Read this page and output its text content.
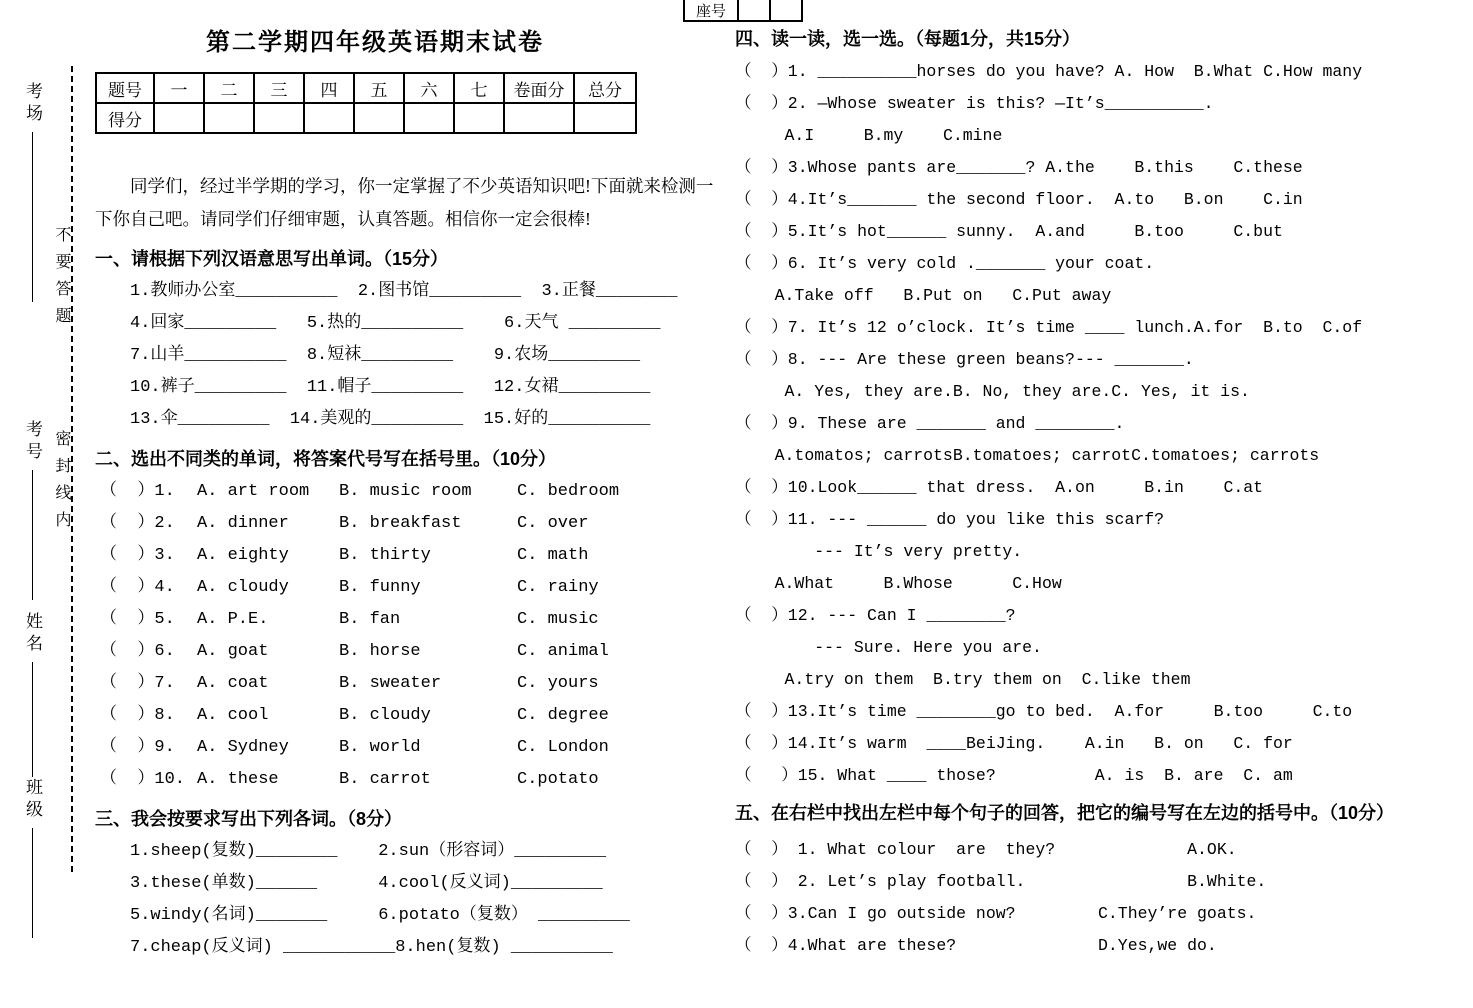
考场
考号
姓名
班级
不要答题
密封线内
座号
第二学期四年级英语期末试卷
题号	一	二	三	四	五	六	七	卷面分	总分
得分									

同学们，经过半学期的学习，你一定掌握了不少英语知识吧!下面就来检测一下你自己吧。请同学们仔细审题，认真答题。相信你一定会很棒!

一、请根据下列汉语意思写出单词。（15分）
1.教师办公室__________  2.图书馆_________  3.正餐________
4.回家_________   5.热的__________    6.天气 _________
7.山羊__________  8.短袜_________    9.农场_________
10.裤子_________  11.帽子_________   12.女裙_________
13.伞_________  14.美观的_________  15.好的__________
二、选出不同类的单词，将答案代号写在括号里。（10分）
（  ）1.	A. art room	B. music room	C. bedroom
（  ）2.	A. dinner	B. breakfast	C. over
（  ）3.	A. eighty	B. thirty	C. math
（  ）4.	A. cloudy	B. funny	C. rainy
（  ）5.	A. P.E.	B. fan	C. music
（  ）6.	A. goat	B. horse	C. animal
（  ）7.	A. coat	B. sweater	C. yours
（  ）8.	A. cool	B. cloudy	C. degree
（  ）9.	A. Sydney	B. world	C. London
（  ）10. A. these	B. carrot	C.potato
三、我会按要求写出下列各词。（8分）
1.sheep(复数)________    2.sun（形容词）_________
3.these(单数)______      4.cool(反义词)_________
5.windy(名词)_______     6.potato（复数） _________
7.cheap(反义词) ___________8.hen(复数) __________
四、读一读，选一选。（每题1分，共15分）
（  ）1. __________horses do you have? A. How  B.What C.How many
（  ）2. —Whose sweater is this? —It’s__________.
A.I     B.my    C.mine
（  ）3.Whose pants are_______? A.the    B.this    C.these
（  ）4.It’s_______ the second floor.  A.to   B.on    C.in
（  ）5.It’s hot______ sunny.  A.and     B.too     C.but
（  ）6. It’s very cold ._______ your coat.
A.Take off   B.Put on   C.Put away
（  ）7. It’s 12 o’clock. It’s time ____ lunch.A.for  B.to  C.of
（  ）8. --- Are these green beans?--- _______.
A. Yes, they are.B. No, they are.C. Yes, it is.
（  ）9. These are _______ and ________.
A.tomatos; carrotsB.tomatoes; carrotC.tomatoes; carrots
（  ）10.Look______ that dress.  A.on     B.in    C.at
（  ）11. --- ______ do you like this scarf?
--- It’s very pretty.
A.What     B.Whose      C.How
（  ）12. --- Can I ________?
--- Sure. Here you are.
A.try on them  B.try them on  C.like them
（  ）13.It’s time ________go to bed.  A.for     B.too     C.to
（  ）14.It’s warm  ____BeiJing.    A.in   B. on   C. for
（   ）15. What ____ those?          A. is  B. are  C. am
五、在右栏中找出左栏中每个句子的回答，把它的编号写在左边的括号中。（10分）
（  ） 1. What colour  are  they?	A.OK.
（  ） 2. Let’s play football.	B.White.
（  ）3.Can I go outside now?	C.They’re goats.
（  ）4.What are these?	D.Yes,we do.
